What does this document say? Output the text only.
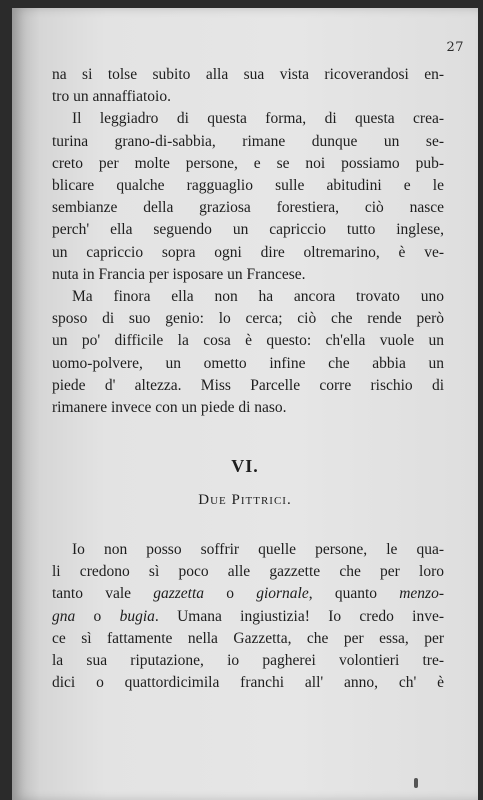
27
na si tolse subito alla sua vista ricoverandosi en-
tro un annaffiatoio.
Il leggiadro di questa forma, di questa crea-
turina grano-di-sabbia, rimane dunque un se-
creto per molte persone, e se noi possiamo pub-
blicare qualche ragguaglio sulle abitudini e le
sembianze della graziosa forestiera, ciò nasce
perch' ella seguendo un capriccio tutto inglese,
un capriccio sopra ogni dire oltremarino, è ve-
nuta in Francia per isposare un Francese.
Ma finora ella non ha ancora trovato uno
sposo di suo genio: lo cerca; ciò che rende però
un po' difficile la cosa è questo: ch'ella vuole un
uomo-polvere, un ometto infine che abbia un
piede d' altezza. Miss Parcelle corre rischio di
rimanere invece con un piede di naso.
VI.
Due Pittrici.
Io non posso soffrir quelle persone, le qua-
li credono sì poco alle gazzette che per loro
tanto vale gazzetta o giornale, quanto menzo-
gna o bugia. Umana ingiustizia! Io credo inve-
ce sì fattamente nella Gazzetta, che per essa, per
la sua riputazione, io pagherei volontieri tre-
dici o quattordicimila franchi all' anno, ch' è
